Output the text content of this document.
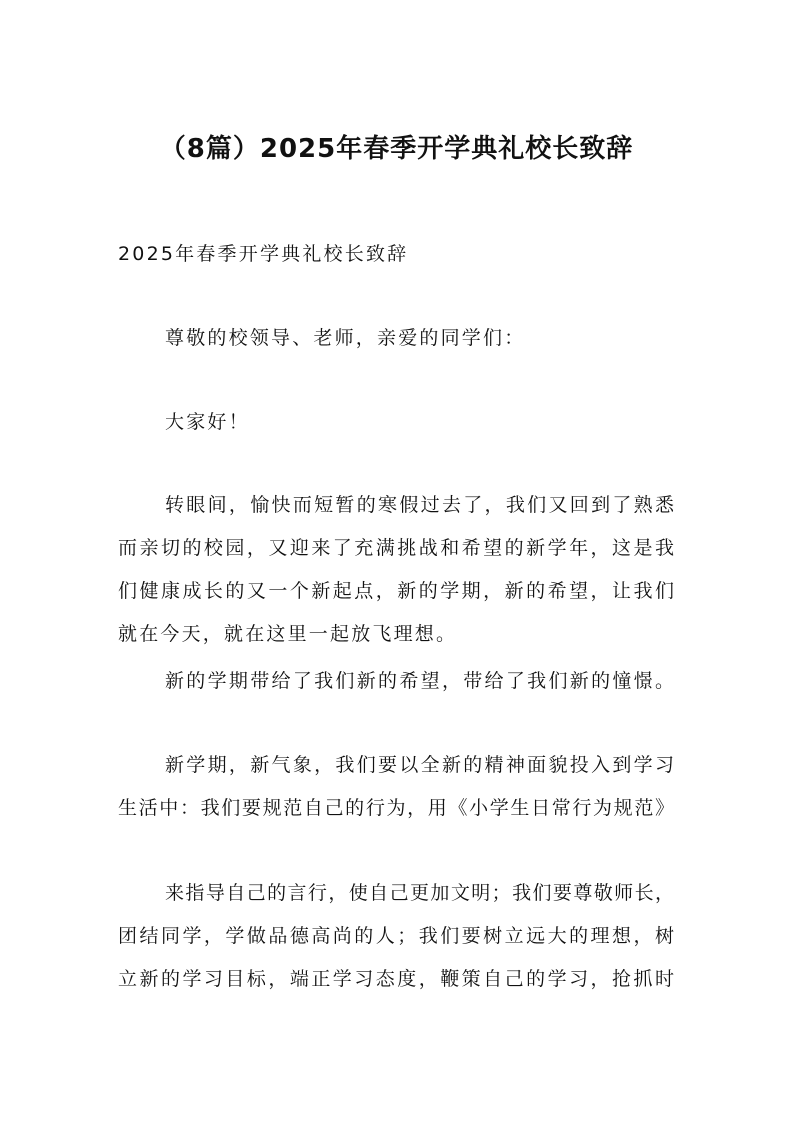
（8篇）2025年春季开学典礼校长致辞
2025年春季开学典礼校长致辞
尊敬的校领导、老师，亲爱的同学们：
大家好！
转眼间，愉快而短暂的寒假过去了，我们又回到了熟悉
而亲切的校园，又迎来了充满挑战和希望的新学年，这是我
们健康成长的又一个新起点，新的学期，新的希望，让我们
就在今天，就在这里一起放飞理想。
新的学期带给了我们新的希望，带给了我们新的憧憬。
新学期，新气象，我们要以全新的精神面貌投入到学习
生活中：我们要规范自己的行为，用《小学生日常行为规范》
来指导自己的言行，使自己更加文明；我们要尊敬师长，
团结同学，学做品德高尚的人；我们要树立远大的理想，树
立新的学习目标，端正学习态度，鞭策自己的学习，抢抓时
